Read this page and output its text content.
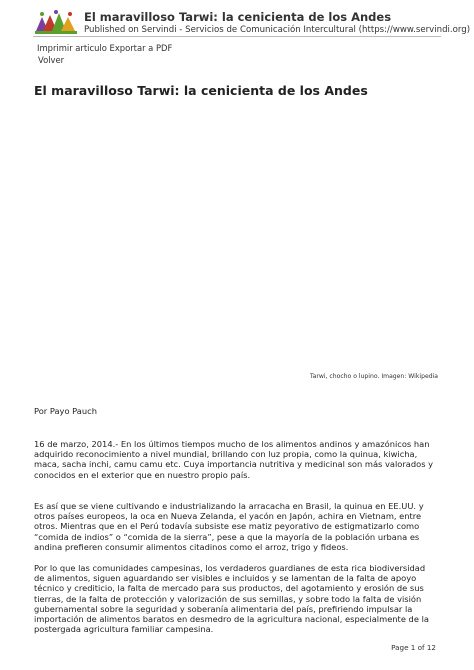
El maravilloso Tarwi: la cenicienta de los Andes
Published on Servindi - Servicios de Comunicación Intercultural (https://www.servindi.org)
Imprimir articulo Exportar a PDF
Volver
El maravilloso Tarwi: la cenicienta de los Andes
Tarwi, chocho o lupino. Imagen: Wikipedia

Por Payo Pauch

16 de marzo, 2014.- En los últimos tiempos mucho de los alimentos andinos y amazónicos han adquirido reconocimiento a nivel mundial, brillando con luz propia, como la quinua, kiwicha, maca, sacha inchi, camu camu etc. Cuya importancia nutritiva y medicinal son más valorados y conocidos en el exterior que en nuestro propio país.

Es así que se viene cultivando e industrializando la arracacha en Brasil, la quinua en EE.UU. y otros países europeos, la oca en Nueva Zelanda, el yacón en Japón, achira en Vietnam, entre otros. Mientras que en el Perú todavía subsiste ese matiz peyorativo de estigmatizarlo como “comida de indios” o “comida de la sierra”, pese a que la mayoría de la población urbana es andina prefieren consumir alimentos citadinos como el arroz, trigo y fideos.

Por lo que las comunidades campesinas, los verdaderos guardianes de esta rica biodiversidad de alimentos, siguen aguardando ser visibles e incluidos y se lamentan de la falta de apoyo técnico y crediticio, la falta de mercado para sus productos, del agotamiento y erosión de sus tierras, de la falta de protección y valorización de sus semillas, y sobre todo la falta de visión gubernamental sobre la seguridad y soberanía alimentaria del país, prefiriendo impulsar la importación de alimentos baratos en desmedro de la agricultura nacional, especialmente de la postergada agricultura familiar campesina.

Page 1 of 12
